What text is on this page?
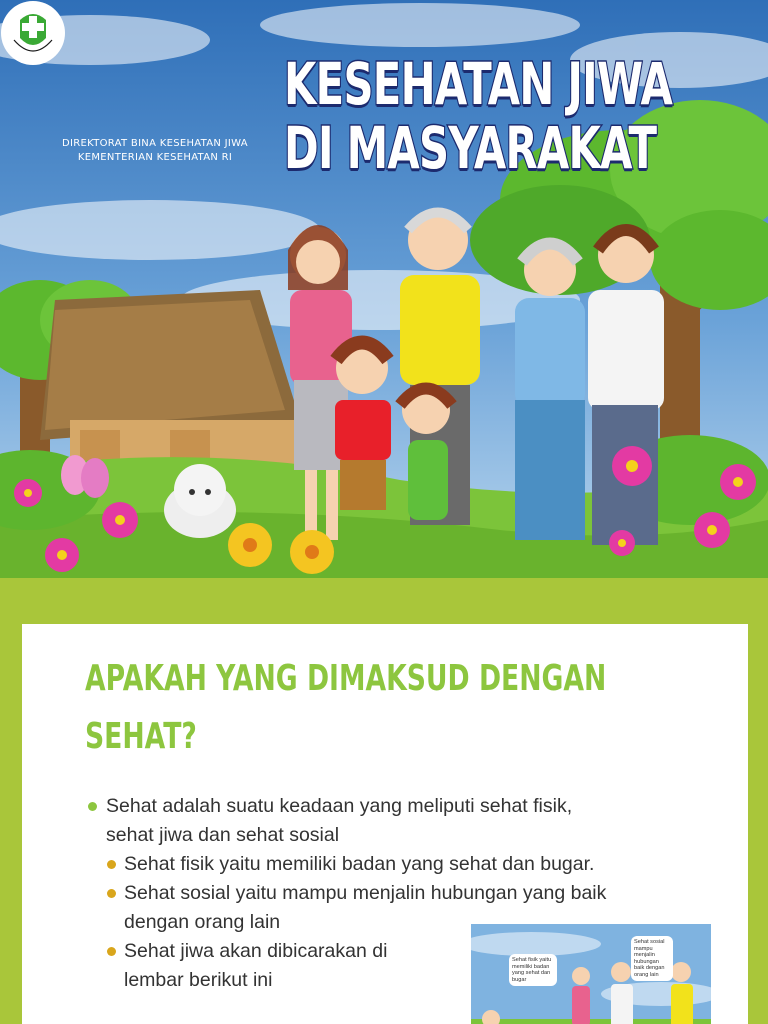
DIREKTORAT BINA KESEHATAN JIWA
KEMENTERIAN KESEHATAN RI
KESEHATAN JIWA
DI MASYARAKAT
APAKAH YANG DIMAKSUD DENGAN
SEHAT?
Sehat adalah suatu keadaan yang meliputi sehat fisik,
sehat jiwa dan sehat sosial
Sehat fisik yaitu memiliki badan yang sehat dan bugar.
Sehat sosial yaitu mampu menjalin hubungan yang baik
dengan orang lain
Sehat jiwa akan dibicarakan di
lembar berikut ini
Sehat fisik yaitu memiliki badan yang sehat dan bugar
Sehat sosial mampu menjalin hubungan baik dengan orang lain
